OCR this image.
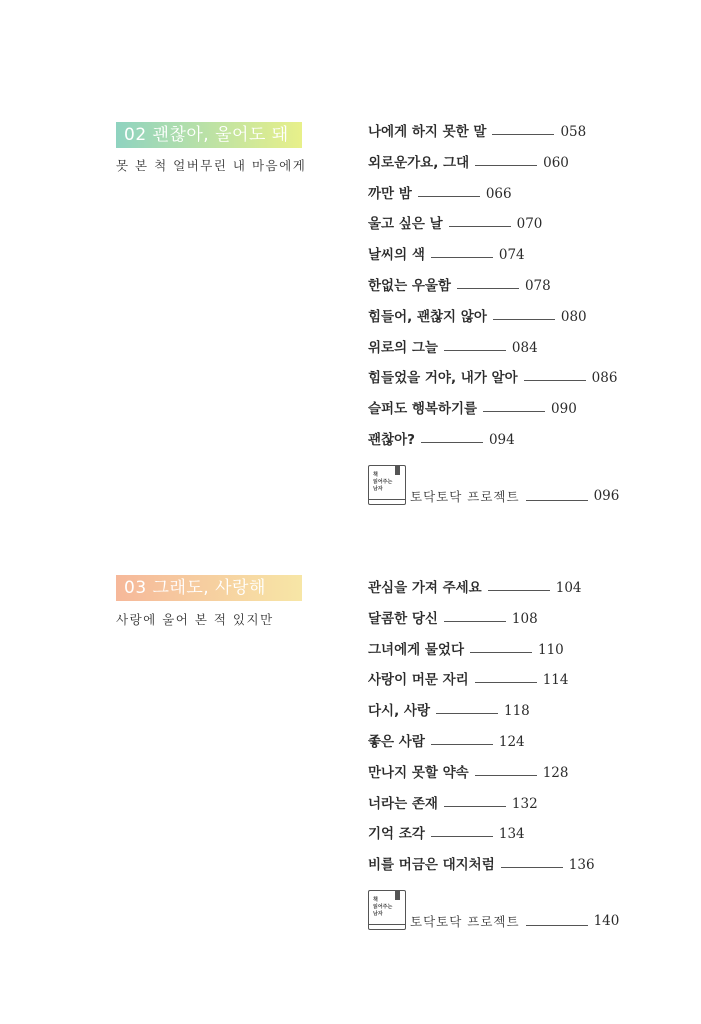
02 괜찮아, 울어도 돼
못 본 척 얼버무린 내 마음에게
나에게 하지 못한 말	058
외로운가요, 그대	060
까만 밤	066
울고 싶은 날	070
날씨의 색	074
한없는 우울함	078
힘들어, 괜찮지 않아	080
위로의 그늘	084
힘들었을 거야, 내가 알아	086
슬퍼도 행복하기를	090
괜찮아?	094
책
읽어주는
남자	토닥토닥 프로젝트	096
03 그래도, 사랑해
사랑에 울어 본 적 있지만
관심을 가져 주세요	104
달콤한 당신	108
그녀에게 물었다	110
사랑이 머문 자리	114
다시, 사랑	118
좋은 사람	124
만나지 못할 약속	128
너라는 존재	132
기억 조각	134
비를 머금은 대지처럼	136
책
읽어주는
남자	토닥토닥 프로젝트	140
